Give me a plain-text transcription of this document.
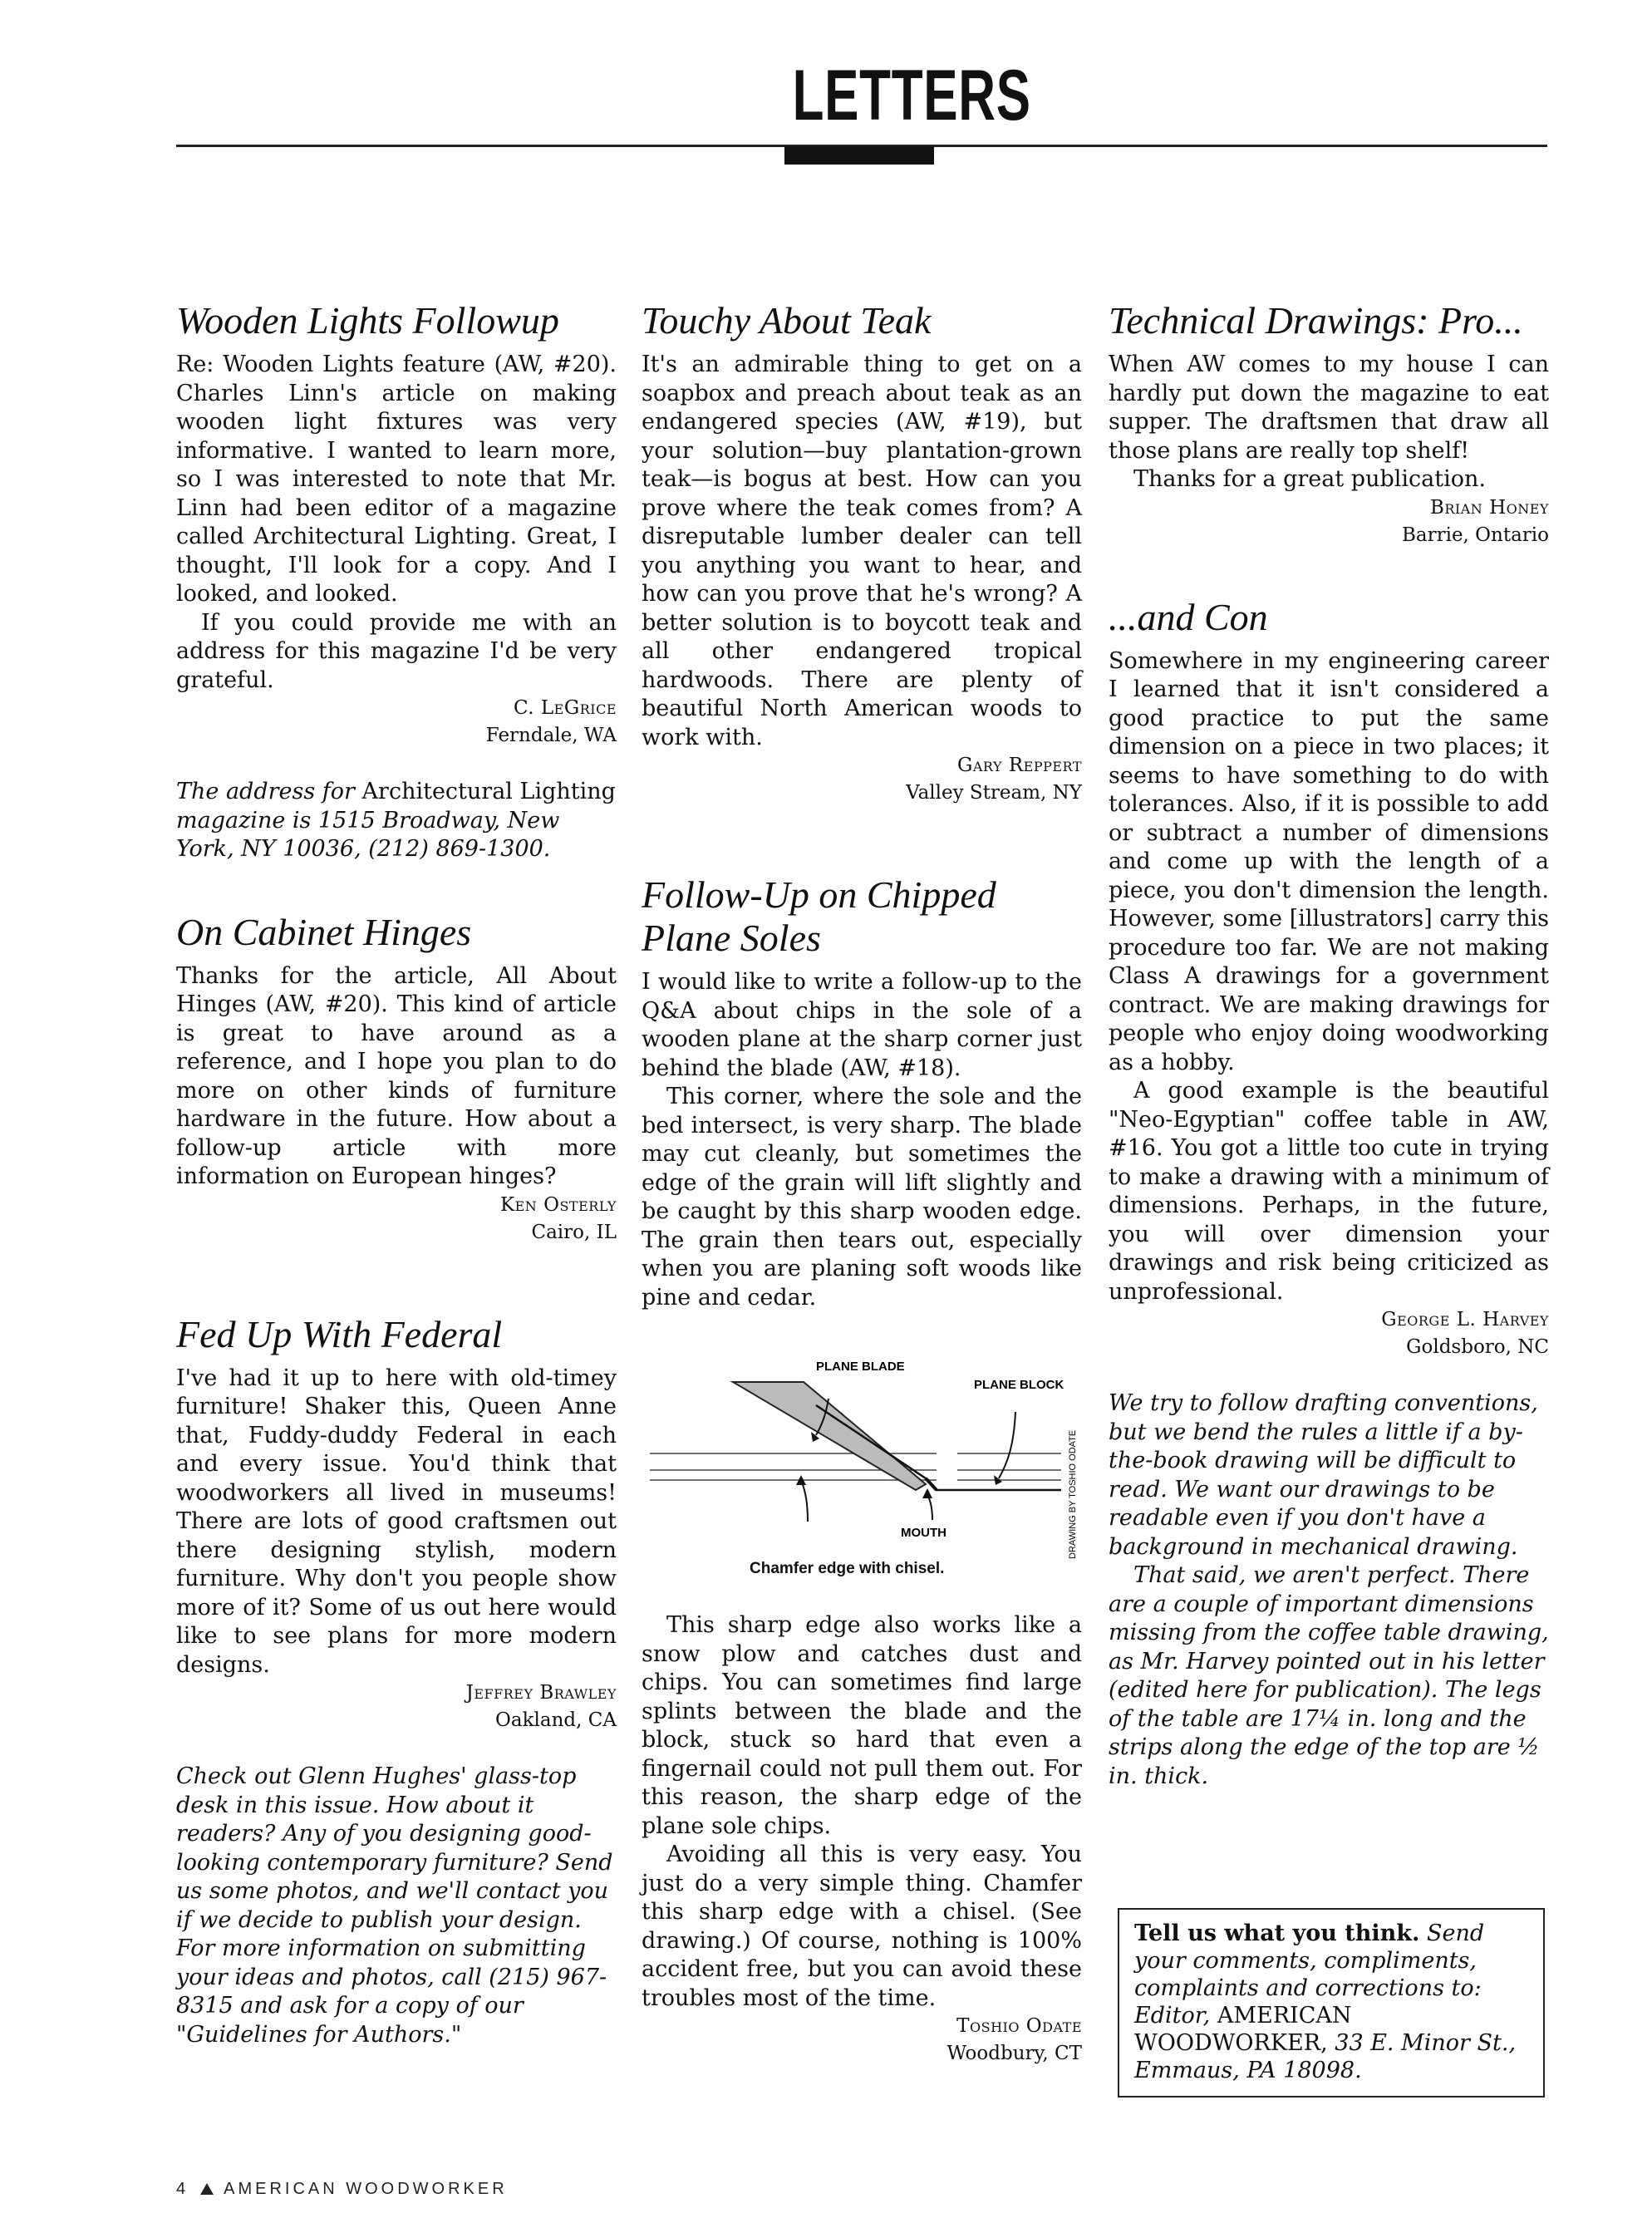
LETTERS
Wooden Lights Followup

Re: Wooden Lights feature (AW, #20). Charles Linn's article on making wooden light fixtures was very informative. I wanted to learn more, so I was interested to note that Mr. Linn had been editor of a magazine called Architectural Lighting. Great, I thought, I'll look for a copy. And I looked, and looked.

If you could provide me with an address for this magazine I'd be very grateful.

C. LeGrice
Ferndale, WA

The address for Architectural Lighting magazine is 1515 Broadway, New York, NY 10036, (212) 869-1300.

On Cabinet Hinges

Thanks for the article, All About Hinges (AW, #20). This kind of article is great to have around as a reference, and I hope you plan to do more on other kinds of furniture hardware in the future. How about a follow-up article with more information on European hinges?

Ken Osterly
Cairo, IL
Fed Up With Federal

I've had it up to here with old-timey furniture! Shaker this, Queen Anne that, Fuddy-duddy Federal in each and every issue. You'd think that woodworkers all lived in museums! There are lots of good craftsmen out there designing stylish, modern furniture. Why don't you people show more of it? Some of us out here would like to see plans for more modern designs.

Jeffrey Brawley
Oakland, CA

Check out Glenn Hughes' glass-top desk in this issue. How about it readers? Any of you designing good-looking contemporary furniture? Send us some photos, and we'll contact you if we decide to publish your design. For more information on submitting your ideas and photos, call (215) 967-8315 and ask for a copy of our "Guidelines for Authors."

Touchy About Teak

It's an admirable thing to get on a soapbox and preach about teak as an endangered species (AW, #19), but your solution—buy plantation-grown teak—is bogus at best. How can you prove where the teak comes from? A disreputable lumber dealer can tell you anything you want to hear, and how can you prove that he's wrong? A better solution is to boycott teak and all other endangered tropical hardwoods. There are plenty of beautiful North American woods to work with.

Gary Reppert
Valley Stream, NY
Follow-Up on Chipped Plane Soles

I would like to write a follow-up to the Q&A about chips in the sole of a wooden plane at the sharp corner just behind the blade (AW, #18).

This corner, where the sole and the bed intersect, is very sharp. The blade may cut cleanly, but sometimes the edge of the grain will lift slightly and be caught by this sharp wooden edge. The grain then tears out, especially when you are planing soft woods like pine and cedar.

PLANE BLADE
PLANE BLOCK
MOUTH	DRAWING BY TOSHIO ODATE
Chamfer edge with chisel.

This sharp edge also works like a snow plow and catches dust and chips. You can sometimes find large splints between the blade and the block, stuck so hard that even a fingernail could not pull them out. For this reason, the sharp edge of the plane sole chips.

Avoiding all this is very easy. You just do a very simple thing. Chamfer this sharp edge with a chisel. (See drawing.) Of course, nothing is 100% accident free, but you can avoid these troubles most of the time.

Toshio Odate
Woodbury, CT
Technical Drawings: Pro...

When AW comes to my house I can hardly put down the magazine to eat supper. The draftsmen that draw all those plans are really top shelf!

Thanks for a great publication.

Brian Honey
Barrie, Ontario
...and Con

Somewhere in my engineering career I learned that it isn't considered a good practice to put the same dimension on a piece in two places; it seems to have something to do with tolerances. Also, if it is possible to add or subtract a number of dimensions and come up with the length of a piece, you don't dimension the length. However, some [illustrators] carry this procedure too far. We are not making Class A drawings for a government contract. We are making drawings for people who enjoy doing woodworking as a hobby.

A good example is the beautiful "Neo-Egyptian" coffee table in AW, #16. You got a little too cute in trying to make a drawing with a minimum of dimensions. Perhaps, in the future, you will over dimension your drawings and risk being criticized as unprofessional.

George L. Harvey
Goldsboro, NC

We try to follow drafting conventions, but we bend the rules a little if a by-the-book drawing will be difficult to read. We want our drawings to be readable even if you don't have a background in mechanical drawing.

That said, we aren't perfect. There are a couple of important dimensions missing from the coffee table drawing, as Mr. Harvey pointed out in his letter (edited here for publication). The legs of the table are 17¼ in. long and the strips along the edge of the top are ½ in. thick.

Tell us what you think. Send your comments, compliments, complaints and corrections to: Editor, AMERICAN WOODWORKER, 33 E. Minor St., Emmaus, PA 18098.
4 AMERICAN WOODWORKER
